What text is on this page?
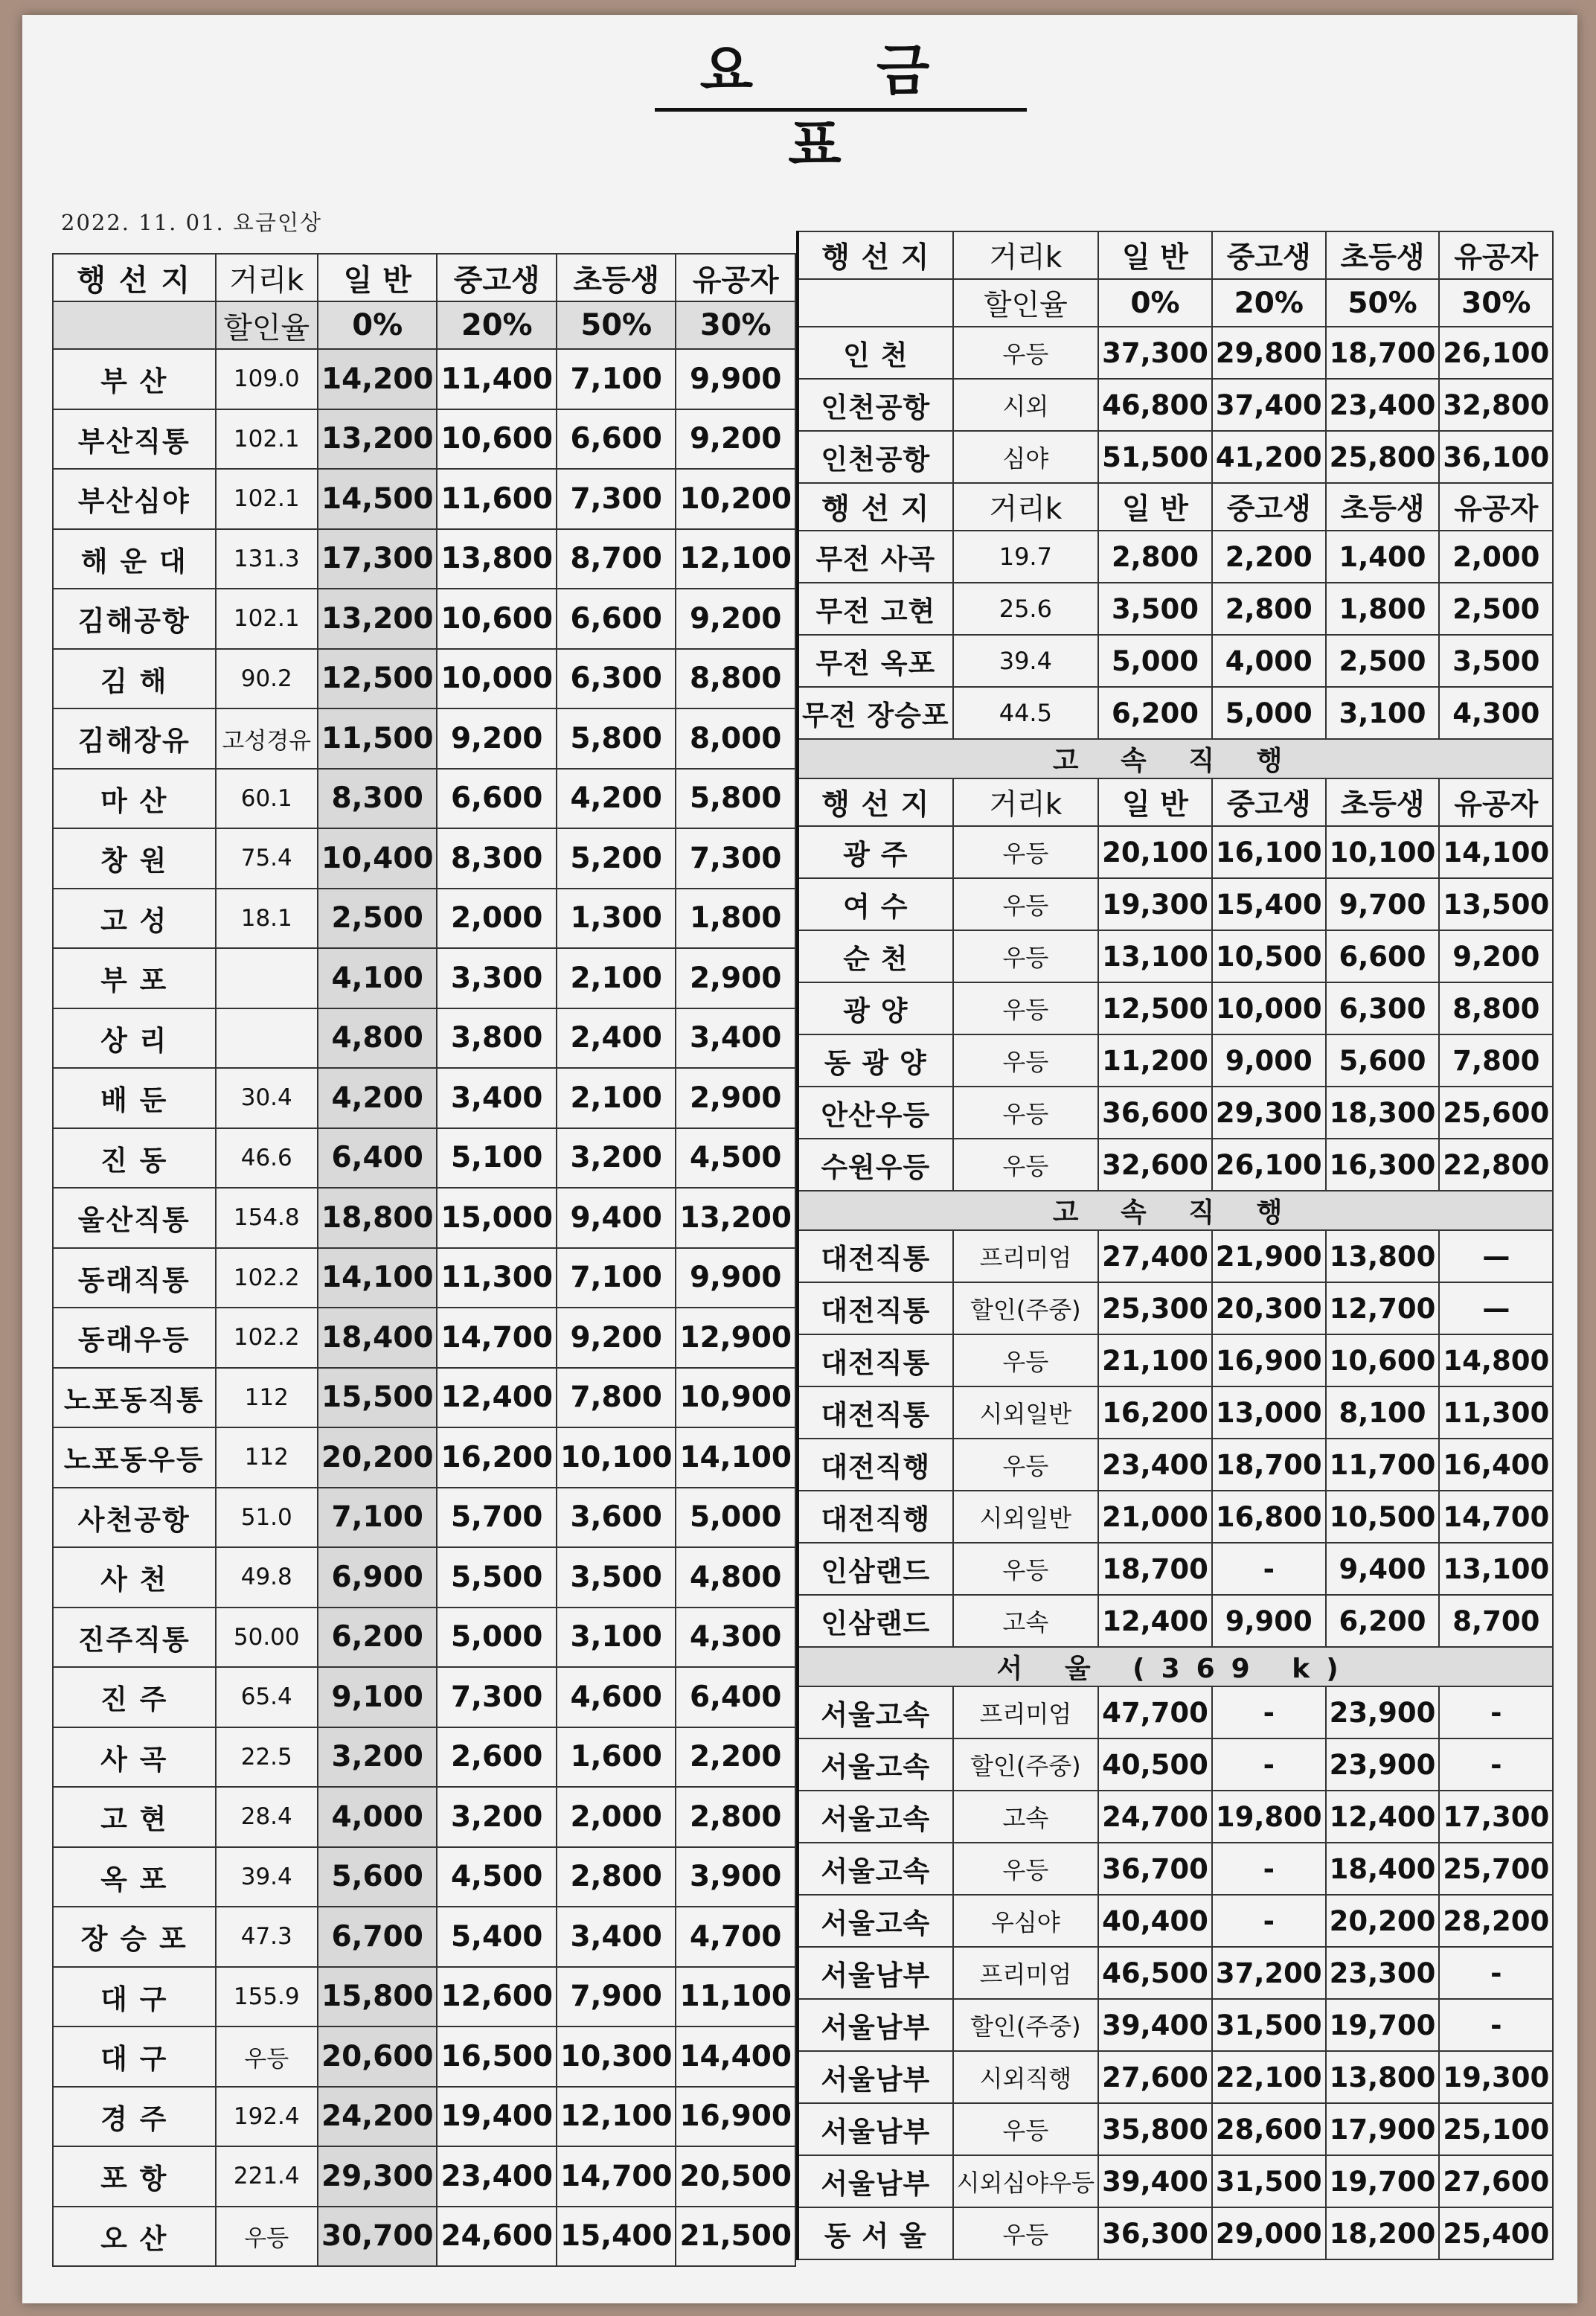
요 금 표
2022. 11. 01. 요금인상
행 선 지	거리k	일 반	중고생	초등생	유공자
	할인율	0%	20%	50%	30%
부 산	109.0	14,200	11,400	7,100	9,900
부산직통	102.1	13,200	10,600	6,600	9,200
부산심야	102.1	14,500	11,600	7,300	10,200
해 운 대	131.3	17,300	13,800	8,700	12,100
김해공항	102.1	13,200	10,600	6,600	9,200
김 해	90.2	12,500	10,000	6,300	8,800
김해장유	고성경유	11,500	9,200	5,800	8,000
마 산	60.1	8,300	6,600	4,200	5,800
창 원	75.4	10,400	8,300	5,200	7,300
고 성	18.1	2,500	2,000	1,300	1,800
부 포		4,100	3,300	2,100	2,900
상 리		4,800	3,800	2,400	3,400
배 둔	30.4	4,200	3,400	2,100	2,900
진 동	46.6	6,400	5,100	3,200	4,500
울산직통	154.8	18,800	15,000	9,400	13,200
동래직통	102.2	14,100	11,300	7,100	9,900
동래우등	102.2	18,400	14,700	9,200	12,900
노포동직통	112	15,500	12,400	7,800	10,900
노포동우등	112	20,200	16,200	10,100	14,100
사천공항	51.0	7,100	5,700	3,600	5,000
사 천	49.8	6,900	5,500	3,500	4,800
진주직통	50.00	6,200	5,000	3,100	4,300
진 주	65.4	9,100	7,300	4,600	6,400
사 곡	22.5	3,200	2,600	1,600	2,200
고 현	28.4	4,000	3,200	2,000	2,800
옥 포	39.4	5,600	4,500	2,800	3,900
장 승 포	47.3	6,700	5,400	3,400	4,700
대 구	155.9	15,800	12,600	7,900	11,100
대 구	우등	20,600	16,500	10,300	14,400
경 주	192.4	24,200	19,400	12,100	16,900
포 항	221.4	29,300	23,400	14,700	20,500
오 산	우등	30,700	24,600	15,400	21,500
행 선 지	거리k	일 반	중고생	초등생	유공자
	할인율	0%	20%	50%	30%
인 천	우등	37,300	29,800	18,700	26,100
인천공항	시외	46,800	37,400	23,400	32,800
인천공항	심야	51,500	41,200	25,800	36,100
행 선 지	거리k	일 반	중고생	초등생	유공자
무전 사곡	19.7	2,800	2,200	1,400	2,000
무전 고현	25.6	3,500	2,800	1,800	2,500
무전 옥포	39.4	5,000	4,000	2,500	3,500
무전 장승포	44.5	6,200	5,000	3,100	4,300
고 속 직 행					
행 선 지	거리k	일 반	중고생	초등생	유공자
광 주	우등	20,100	16,100	10,100	14,100
여 수	우등	19,300	15,400	9,700	13,500
순 천	우등	13,100	10,500	6,600	9,200
광 양	우등	12,500	10,000	6,300	8,800
동 광 양	우등	11,200	9,000	5,600	7,800
안산우등	우등	36,600	29,300	18,300	25,600
수원우등	우등	32,600	26,100	16,300	22,800
고 속 직 행					
대전직통	프리미엄	27,400	21,900	13,800	—
대전직통	할인(주중)	25,300	20,300	12,700	—
대전직통	우등	21,100	16,900	10,600	14,800
대전직통	시외일반	16,200	13,000	8,100	11,300
대전직행	우등	23,400	18,700	11,700	16,400
대전직행	시외일반	21,000	16,800	10,500	14,700
인삼랜드	우등	18,700	-	9,400	13,100
인삼랜드	고속	12,400	9,900	6,200	8,700
서 울 (369 k)					
서울고속	프리미엄	47,700	-	23,900	-
서울고속	할인(주중)	40,500	-	23,900	-
서울고속	고속	24,700	19,800	12,400	17,300
서울고속	우등	36,700	-	18,400	25,700
서울고속	우심야	40,400	-	20,200	28,200
서울남부	프리미엄	46,500	37,200	23,300	-
서울남부	할인(주중)	39,400	31,500	19,700	-
서울남부	시외직행	27,600	22,100	13,800	19,300
서울남부	우등	35,800	28,600	17,900	25,100
서울남부	시외심야우등	39,400	31,500	19,700	27,600
동 서 울	우등	36,300	29,000	18,200	25,400
